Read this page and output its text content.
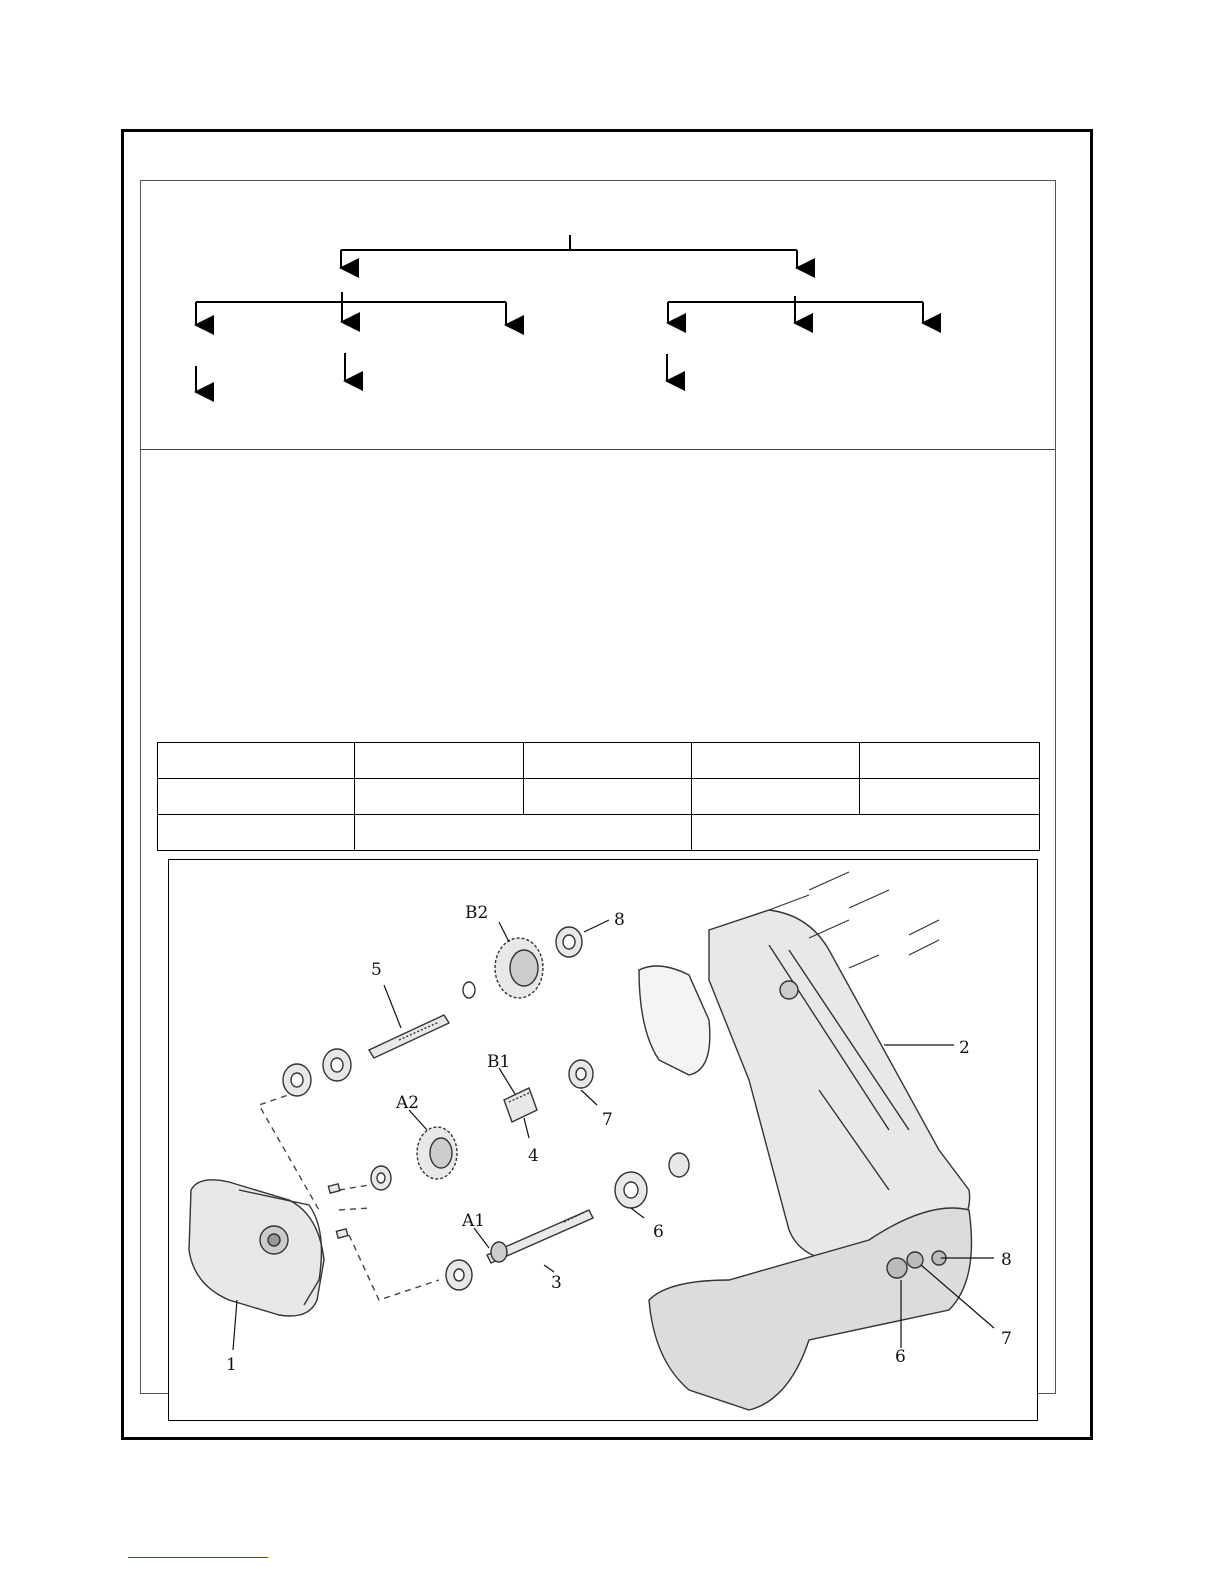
1
2
3
4
5
6
7
8
B2
A2
B1
A1
6
7
8
